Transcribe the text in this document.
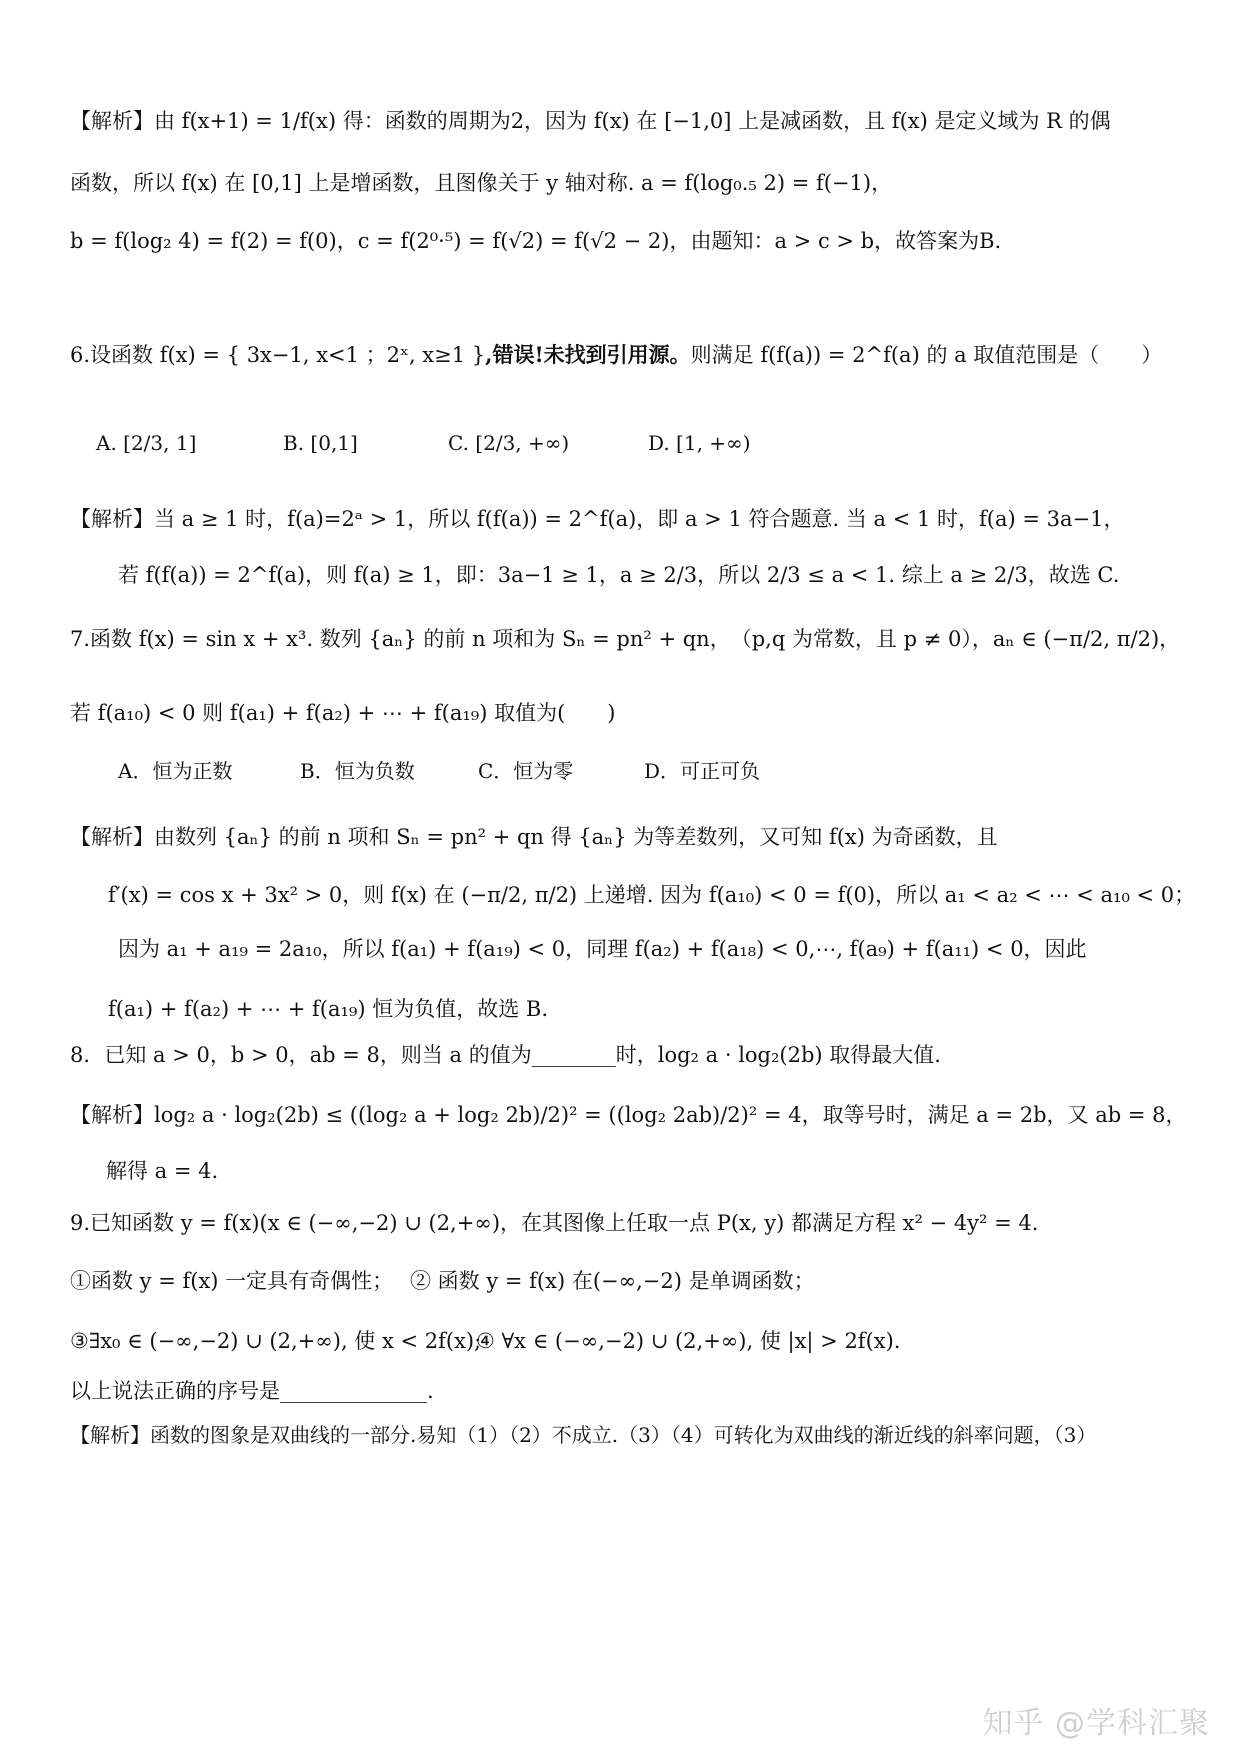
【解析】由 f(x+1) = 1/f(x) 得：函数的周期为2，因为 f(x) 在 [−1,0] 上是减函数，且 f(x) 是定义域为 R 的偶
函数，所以 f(x) 在 [0,1] 上是增函数，且图像关于 y 轴对称. a = f(log₀.₅ 2) = f(−1)，
b = f(log₂ 4) = f(2) = f(0)，c = f(2⁰·⁵) = f(√2) = f(√2 − 2)，由题知：a > c > b，故答案为B.
6.设函数 f(x) = { 3x−1, x<1 ；2ˣ, x≥1 },错误!未找到引用源。则满足 f(f(a)) = 2^f(a) 的 a 取值范围是（　　）
A. [2/3, 1]	B. [0,1]	C. [2/3, +∞)	D. [1, +∞)
【解析】当 a ≥ 1 时，f(a)=2ᵃ > 1，所以 f(f(a)) = 2^f(a)，即 a > 1 符合题意. 当 a < 1 时，f(a) = 3a−1，
若 f(f(a)) = 2^f(a)，则 f(a) ≥ 1，即：3a−1 ≥ 1，a ≥ 2/3，所以 2/3 ≤ a < 1. 综上 a ≥ 2/3，故选 C.
7.函数 f(x) = sin x + x³. 数列 {aₙ} 的前 n 项和为 Sₙ = pn² + qn，　（p,q 为常数，且 p ≠ 0），aₙ ∈ (−π/2, π/2)，
若 f(a₁₀) < 0 则 f(a₁) + f(a₂) + ⋯ + f(a₁₉) 取值为(　　)
A．恒为正数	B．恒为负数	C．恒为零	D．可正可负
【解析】由数列 {aₙ} 的前 n 项和 Sₙ = pn² + qn 得 {aₙ} 为等差数列，又可知 f(x) 为奇函数，且
f′(x) = cos x + 3x² > 0，则 f(x) 在 (−π/2, π/2) 上递增. 因为 f(a₁₀) < 0 = f(0)，所以 a₁ < a₂ < ⋯ < a₁₀ < 0；
因为 a₁ + a₁₉ = 2a₁₀，所以 f(a₁) + f(a₁₉) < 0，同理 f(a₂) + f(a₁₈) < 0,⋯, f(a₉) + f(a₁₁) < 0，因此
f(a₁) + f(a₂) + ⋯ + f(a₁₉) 恒为负值，故选 B.
8．已知 a > 0，b > 0，ab = 8，则当 a 的值为________时，log₂ a · log₂(2b) 取得最大值.
【解析】log₂ a · log₂(2b) ≤ ((log₂ a + log₂ 2b)/2)² = ((log₂ 2ab)/2)² = 4，取等号时，满足 a = 2b，又 ab = 8，
解得 a = 4.
9.已知函数 y = f(x)(x ∈ (−∞,−2) ∪ (2,+∞)，在其图像上任取一点 P(x, y) 都满足方程 x² − 4y² = 4.
①函数 y = f(x) 一定具有奇偶性； ② 函数 y = f(x) 在(−∞,−2) 是单调函数；
③∃x₀ ∈ (−∞,−2) ∪ (2,+∞), 使 x < 2f(x);
④ ∀x ∈ (−∞,−2) ∪ (2,+∞), 使 |x| > 2f(x).
以上说法正确的序号是______________.
【解析】函数的图象是双曲线的一部分.易知（1）（2）不成立.（3）（4）可转化为双曲线的渐近线的斜率问题，（3）
知乎 @学科汇聚
